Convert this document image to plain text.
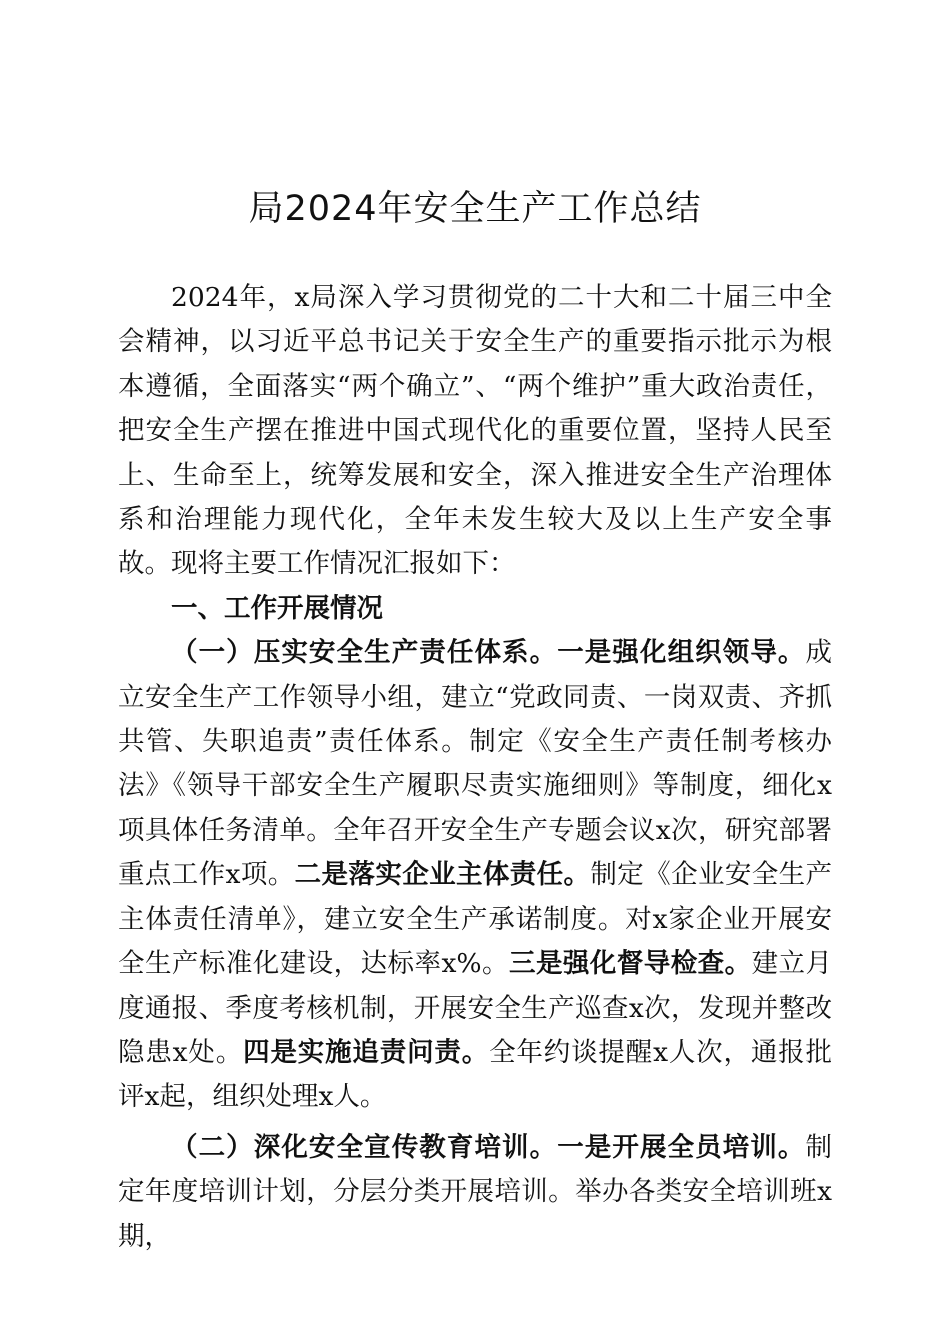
局2024年安全生产工作总结

2024年，x局深入学习贯彻党的二十大和二十届三中全会精神，以习近平总书记关于安全生产的重要指示批示为根本遵循，全面落实“两个确立”、“两个维护”重大政治责任，把安全生产摆在推进中国式现代化的重要位置，坚持人民至上、生命至上，统筹发展和安全，深入推进安全生产治理体系和治理能力现代化，全年未发生较大及以上生产安全事故。现将主要工作情况汇报如下：

一、工作开展情况

（一）压实安全生产责任体系。一是强化组织领导。成立安全生产工作领导小组，建立“党政同责、一岗双责、齐抓共管、失职追责”责任体系。制定《安全生产责任制考核办法》《领导干部安全生产履职尽责实施细则》等制度，细化x项具体任务清单。全年召开安全生产专题会议x次，研究部署重点工作x项。二是落实企业主体责任。制定《企业安全生产主体责任清单》，建立安全生产承诺制度。对x家企业开展安全生产标准化建设，达标率x%。三是强化督导检查。建立月度通报、季度考核机制，开展安全生产巡查x次，发现并整改隐患x处。四是实施追责问责。全年约谈提醒x人次，通报批评x起，组织处理x人。

（二）深化安全宣传教育培训。一是开展全员培训。制定年度培训计划，分层分类开展培训。举办各类安全培训班x期，
